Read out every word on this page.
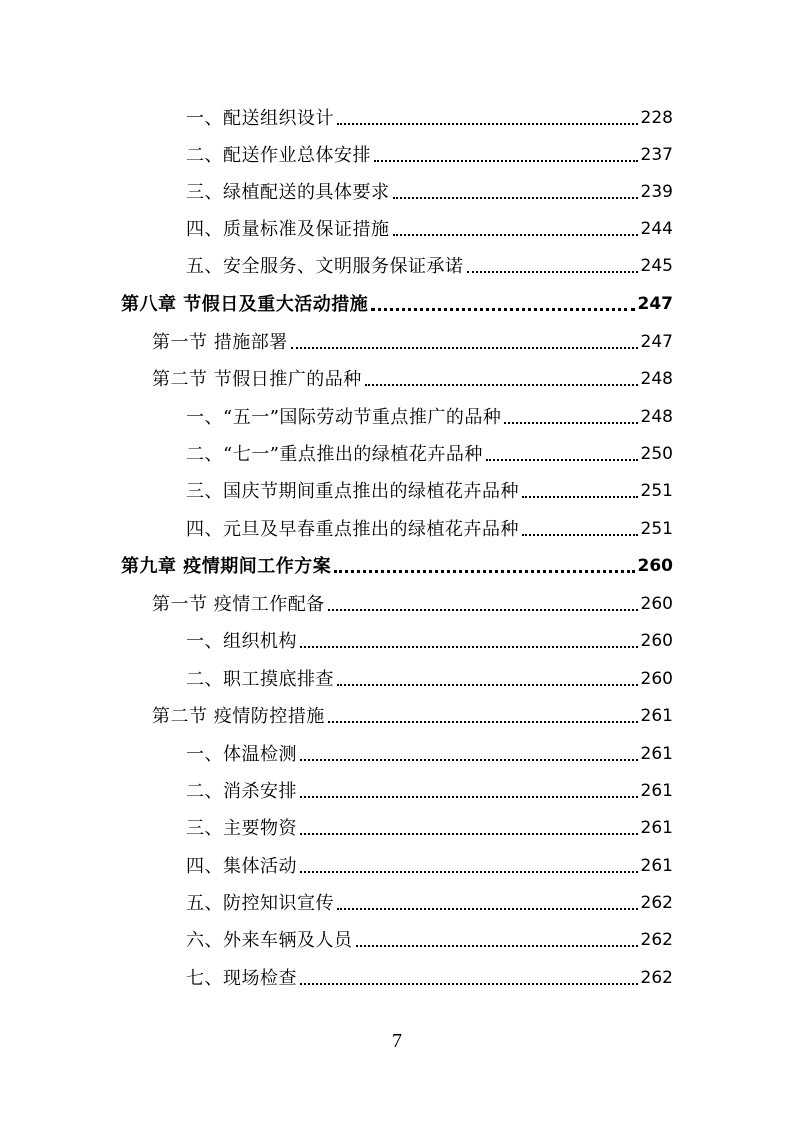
一、配送组织设计	228
二、配送作业总体安排	237
三、绿植配送的具体要求	239
四、质量标准及保证措施	244
五、安全服务、文明服务保证承诺	245
第八章 节假日及重大活动措施	247
第一节 措施部署	247
第二节 节假日推广的品种	248
一、“五一”国际劳动节重点推广的品种	248
二、“七一”重点推出的绿植花卉品种	250
三、国庆节期间重点推出的绿植花卉品种	251
四、元旦及早春重点推出的绿植花卉品种	251
第九章 疫情期间工作方案	260
第一节 疫情工作配备	260
一、组织机构	260
二、职工摸底排查	260
第二节 疫情防控措施	261
一、体温检测	261
二、消杀安排	261
三、主要物资	261
四、集体活动	261
五、防控知识宣传	262
六、外来车辆及人员	262
七、现场检查	262
7
